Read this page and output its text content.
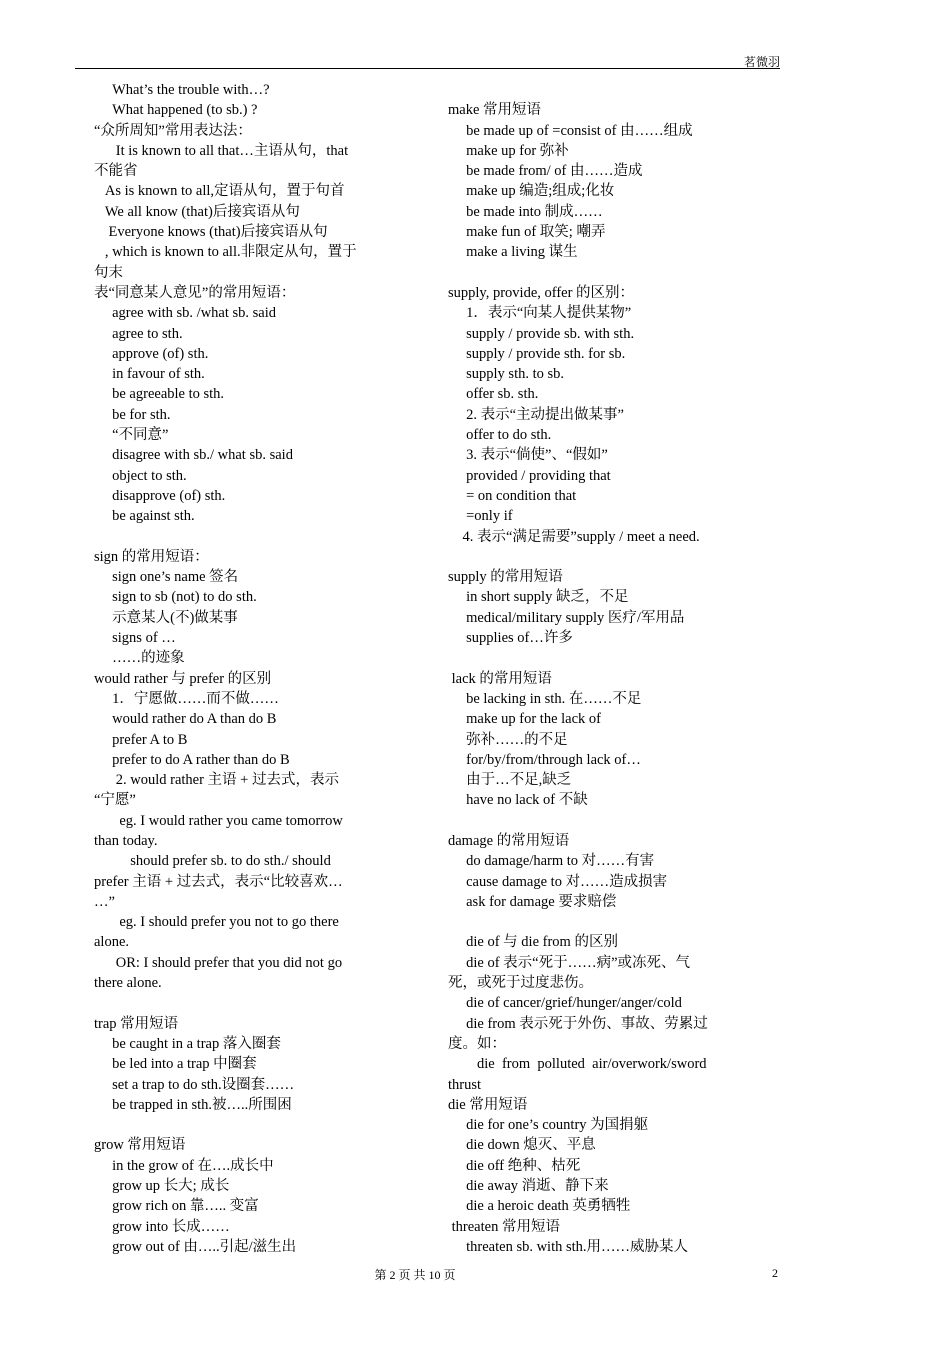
茗微羽
What’s the trouble with…?
What happened (to sb.) ?
“众所周知”常用表达法：
It is known to all that…主语从句，that
不能省
As is known to all,定语从句，置于句首
We all know (that)后接宾语从句
Everyone knows (that)后接宾语从句
, which is known to all.非限定从句，置于
句末
表“同意某人意见”的常用短语：
agree with sb. /what sb. said
agree to sth.
approve (of) sth.
in favour of sth.
be agreeable to sth.
be for sth.
“不同意”
disagree with sb./ what sb. said
object to sth.
disapprove (of) sth.
be against sth.
sign 的常用短语：
sign one’s name 签名
sign to sb (not) to do sth.
示意某人(不)做某事
signs of …
……的迹象
would rather 与 prefer 的区别
1．宁愿做……而不做……
would rather do A than do B
prefer A to B
prefer to do A rather than do B
2. would rather 主语 + 过去式，表示
“宁愿”
eg. I would rather you came tomorrow
than today.
should prefer sb. to do sth./ should
prefer 主语 + 过去式，表示“比较喜欢…
…”
eg. I should prefer you not to go there
alone.
OR: I should prefer that you did not go
there alone.
trap 常用短语
be caught in a trap 落入圈套
be led into a trap 中圈套
set a trap to do sth.设圈套……
be trapped in sth.被…..所围困
grow 常用短语
in the grow of 在….成长中
grow up 长大; 成长
grow rich on 靠….. 变富
grow into 长成……
grow out of 由…..引起/滋生出
make 常用短语
be made up of =consist of 由……组成
make up for 弥补
be made from/ of 由……造成
make up 编造;组成;化妆
be made into 制成……
make fun of 取笑; 嘲弄
make a living 谋生
supply, provide, offer 的区别：
1．表示“向某人提供某物”
supply / provide sb. with sth.
supply / provide sth. for sb.
supply sth. to sb.
offer sb. sth.
2. 表示“主动提出做某事”
offer to do sth.
3. 表示“倘使”、“假如”
provided / providing that
= on condition that
=only if
4. 表示“满足需要”supply / meet a need.
supply 的常用短语
in short supply 缺乏，不足
medical/military supply 医疗/军用品
supplies of…许多
lack 的常用短语
be lacking in sth. 在……不足
make up for the lack of
弥补……的不足
for/by/from/through lack of…
由于…不足,缺乏
have no lack of 不缺
damage 的常用短语
do damage/harm to 对……有害
cause damage to 对……造成损害
ask for damage 要求赔偿
die of 与 die from 的区别
die of 表示“死于……病”或冻死、气
死，或死于过度悲伤。
die of cancer/grief/hunger/anger/cold
die from 表示死于外伤、事故、劳累过
度。如：
die  from  polluted  air/overwork/sword
thrust
die 常用短语
die for one’s country 为国捐躯
die down 熄灭、平息
die off 绝种、枯死
die away 消逝、静下来
die a heroic death 英勇牺牲
threaten 常用短语
threaten sb. with sth.用……威胁某人
第 2 页 共 10 页	2
